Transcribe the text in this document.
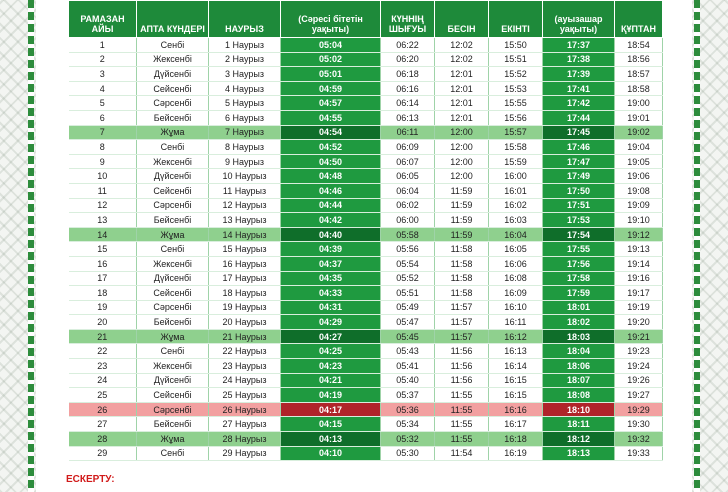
РАМАЗАН АЙЫ	АПТА КҮНДЕРІ	НАУРЫЗ	(Сәресі бітетін уақыты)	КҮННІҢ ШЫҒУЫ	БЕСІН	ЕКІНТІ	(ауызашар уақыты)	ҚҰПТАН
1	Сенбі	1 Наурыз	05:04	06:22	12:02	15:50	17:37	18:54
2	Жексенбі	2 Наурыз	05:02	06:20	12:02	15:51	17:38	18:56
3	Дүйсенбі	3 Наурыз	05:01	06:18	12:01	15:52	17:39	18:57
4	Сейсенбі	4 Наурыз	04:59	06:16	12:01	15:53	17:41	18:58
5	Сәрсенбі	5 Наурыз	04:57	06:14	12:01	15:55	17:42	19:00
6	Бейсенбі	6 Наурыз	04:55	06:13	12:01	15:56	17:44	19:01
7	Жұма	7 Наурыз	04:54	06:11	12:00	15:57	17:45	19:02
8	Сенбі	8 Наурыз	04:52	06:09	12:00	15:58	17:46	19:04
9	Жексенбі	9 Наурыз	04:50	06:07	12:00	15:59	17:47	19:05
10	Дүйсенбі	10 Наурыз	04:48	06:05	12:00	16:00	17:49	19:06
11	Сейсенбі	11 Наурыз	04:46	06:04	11:59	16:01	17:50	19:08
12	Сәрсенбі	12 Наурыз	04:44	06:02	11:59	16:02	17:51	19:09
13	Бейсенбі	13 Наурыз	04:42	06:00	11:59	16:03	17:53	19:10
14	Жұма	14 Наурыз	04:40	05:58	11:59	16:04	17:54	19:12
15	Сенбі	15 Наурыз	04:39	05:56	11:58	16:05	17:55	19:13
16	Жексенбі	16 Наурыз	04:37	05:54	11:58	16:06	17:56	19:14
17	Дүйсенбі	17 Наурыз	04:35	05:52	11:58	16:08	17:58	19:16
18	Сейсенбі	18 Наурыз	04:33	05:51	11:58	16:09	17:59	19:17
19	Сәрсенбі	19 Наурыз	04:31	05:49	11:57	16:10	18:01	19:19
20	Бейсенбі	20 Наурыз	04:29	05:47	11:57	16:11	18:02	19:20
21	Жұма	21 Наурыз	04:27	05:45	11:57	16:12	18:03	19:21
22	Сенбі	22 Наурыз	04:25	05:43	11:56	16:13	18:04	19:23
23	Жексенбі	23 Наурыз	04:23	05:41	11:56	16:14	18:06	19:24
24	Дүйсенбі	24 Наурыз	04:21	05:40	11:56	16:15	18:07	19:26
25	Сейсенбі	25 Наурыз	04:19	05:37	11:55	16:15	18:08	19:27
26	Сәрсенбі	26 Наурыз	04:17	05:36	11:55	16:16	18:10	19:29
27	Бейсенбі	27 Наурыз	04:15	05:34	11:55	16:17	18:11	19:30
28	Жұма	28 Наурыз	04:13	05:32	11:55	16:18	18:12	19:32
29	Сенбі	29 Наурыз	04:10	05:30	11:54	16:19	18:13	19:33
ЕСКЕРТУ:
